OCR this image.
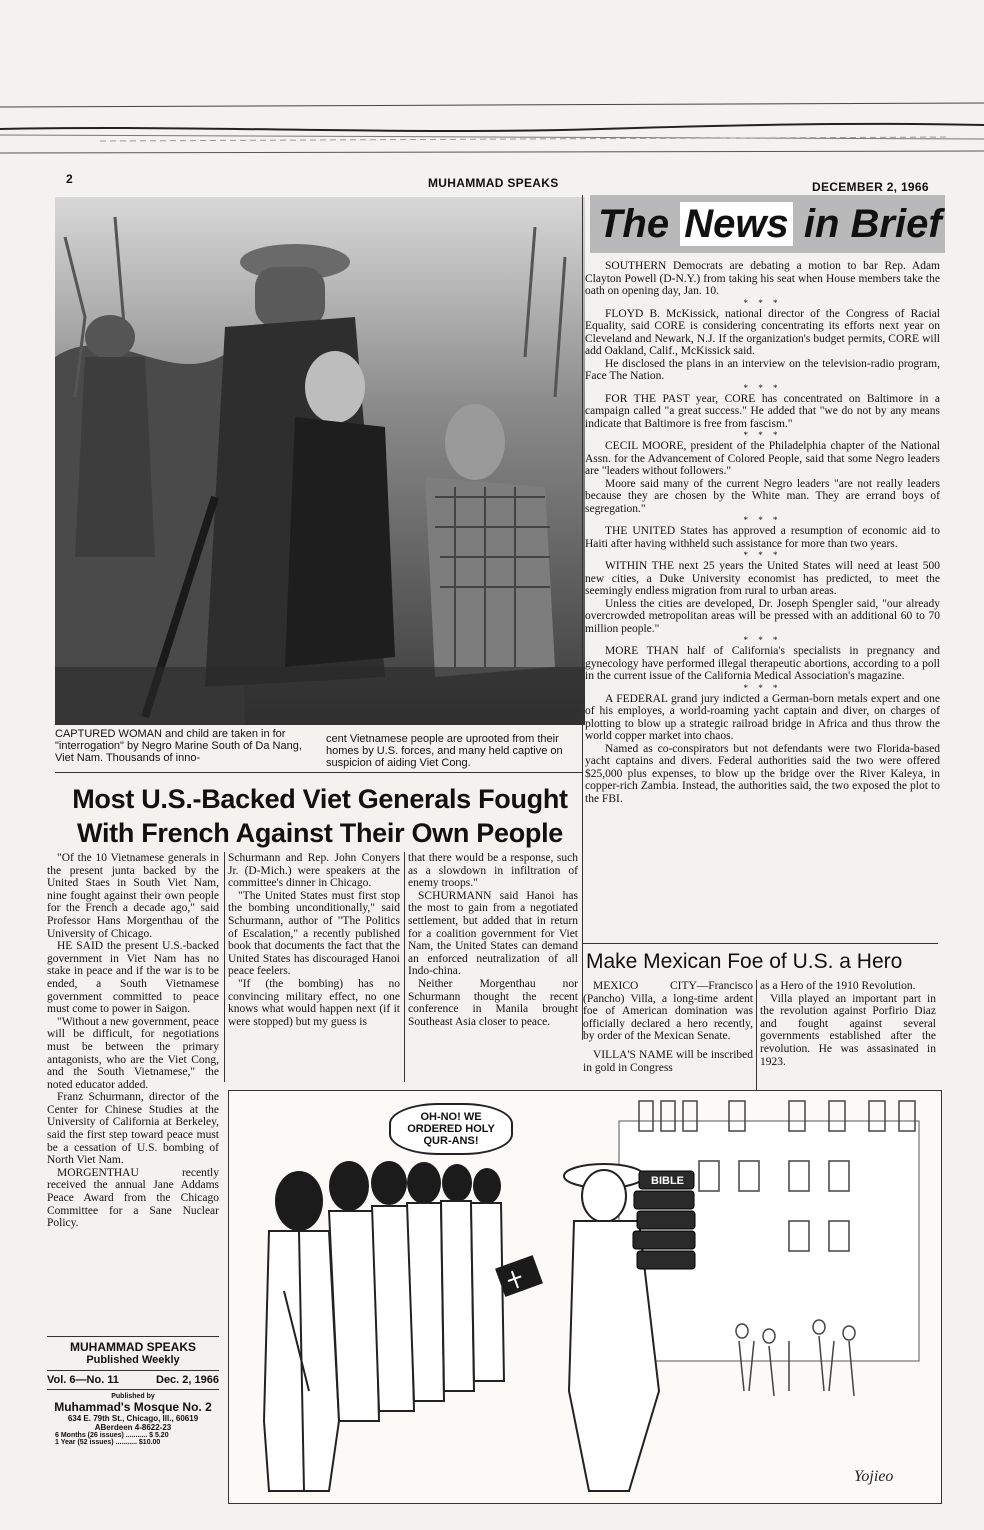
2	MUHAMMAD SPEAKS	DECEMBER 2, 1966
CAPTURED WOMAN and child are taken in for "interrogation" by Negro Marine South of Da Nang, Viet Nam. Thousands of inno-
cent Vietnamese people are uprooted from their homes by U.S. forces, and many held captive on suspicion of aiding Viet Cong.
Most U.S.-Backed Viet Generals Fought
With French Against Their Own People

"Of the 10 Vietnamese generals in the present junta backed by the United Staes in South Viet Nam, nine fought against their own people for the French a decade ago," said Professor Hans Morgenthau of the University of Chicago.

HE SAID the present U.S.-backed government in Viet Nam has no stake in peace and if the war is to be ended, a South Vietnamese government committed to peace must come to power in Saigon.

"Without a new government, peace will be difficult, for negotiations must be between the primary antagonists, who are the Viet Cong, and the South Vietnamese," the noted educator added.

Franz Schurmann, director of the Center for Chinese Studies at the University of California at Berkeley, said the first step toward peace must be a cessation of U.S. bombing of North Viet Nam.

MORGENTHAU recently received the annual Jane Addams Peace Award from the Chicago Committee for a Sane Nuclear Policy.

Schurmann and Rep. John Conyers Jr. (D-Mich.) were speakers at the committee's dinner in Chicago.

"The United States must first stop the bombing unconditionally," said Schurmann, author of "The Politics of Escalation," a recently published book that documents the fact that the United States has discouraged Hanoi peace feelers.

"If (the bombing) has no convincing military effect, no one knows what would happen next (if it were stopped) but my guess is

that there would be a response, such as a slowdown in infiltration of enemy troops."

SCHURMANN said Hanoi has the most to gain from a negotiated settlement, but added that in return for a coalition government for Viet Nam, the United States can demand an enforced neutralization of all Indo-china.

Neither Morgenthau nor Schurmann thought the recent conference in Manila brought Southeast Asia closer to peace.

The News in Brief

SOUTHERN Democrats are debating a motion to bar Rep. Adam Clayton Powell (D-N.Y.) from taking his seat when House members take the oath on opening day, Jan. 10.

* * *

FLOYD B. McKissick, national director of the Congress of Racial Equality, said CORE is considering concentrating its efforts next year on Cleveland and Newark, N.J. If the organization's budget permits, CORE will add Oakland, Calif., McKissick said.

He disclosed the plans in an interview on the television-radio program, Face The Nation.

* * *

FOR THE PAST year, CORE has concentrated on Baltimore in a campaign called "a great success." He added that "we do not by any means indicate that Baltimore is free from fascism."

* * *

CECIL MOORE, president of the Philadelphia chapter of the National Assn. for the Advancement of Colored People, said that some Negro leaders are "leaders without followers."

Moore said many of the current Negro leaders "are not really leaders because they are chosen by the White man. They are errand boys of segregation."

* * *

THE UNITED States has approved a resumption of economic aid to Haiti after having withheld such assistance for more than two years.

* * *

WITHIN THE next 25 years the United States will need at least 500 new cities, a Duke University economist has predicted, to meet the seemingly endless migration from rural to urban areas.

Unless the cities are developed, Dr. Joseph Spengler said, "our already overcrowded metropolitan areas will be pressed with an additional 60 to 70 million people."

* * *

MORE THAN half of California's specialists in pregnancy and gynecology have performed illegal therapeutic abortions, according to a poll in the current issue of the California Medical Association's magazine.

* * *

A FEDERAL grand jury indicted a German-born metals expert and one of his employes, a world-roaming yacht captain and diver, on charges of plotting to blow up a strategic railroad bridge in Africa and thus throw the world copper market into chaos.

Named as co-conspirators but not defendants were two Florida-based yacht captains and divers. Federal authorities said the two were offered $25,000 plus expenses, to blow up the bridge over the River Kaleya, in copper-rich Zambia. Instead, the authorities said, the two exposed the plot to the FBI.

Make Mexican Foe of U.S. a Hero

MEXICO CITY—Francisco (Pancho) Villa, a long-time ardent foe of American domination was officially declared a hero recently, by order of the Mexican Senate.

VILLA'S NAME will be inscribed in gold in Congress

as a Hero of the 1910 Revolution.

Villa played an important part in the revolution against Porfirio Diaz and fought against several governments established after the revolution. He was assasinated in 1923.

MUHAMMAD SPEAKS
Published Weekly
Vol. 6—No. 11	Dec. 2, 1966
Published by
Muhammad's Mosque No. 2
634 E. 79th St., Chicago, Ill., 60619
ABerdeen 4-8622-23
6 Months (26 issues) ........... $ 5.20
1 Year (52 issues) ........... $10.00
BIBLE
Yojieo
OH-NO! WE ORDERED HOLY QUR-ANS!
